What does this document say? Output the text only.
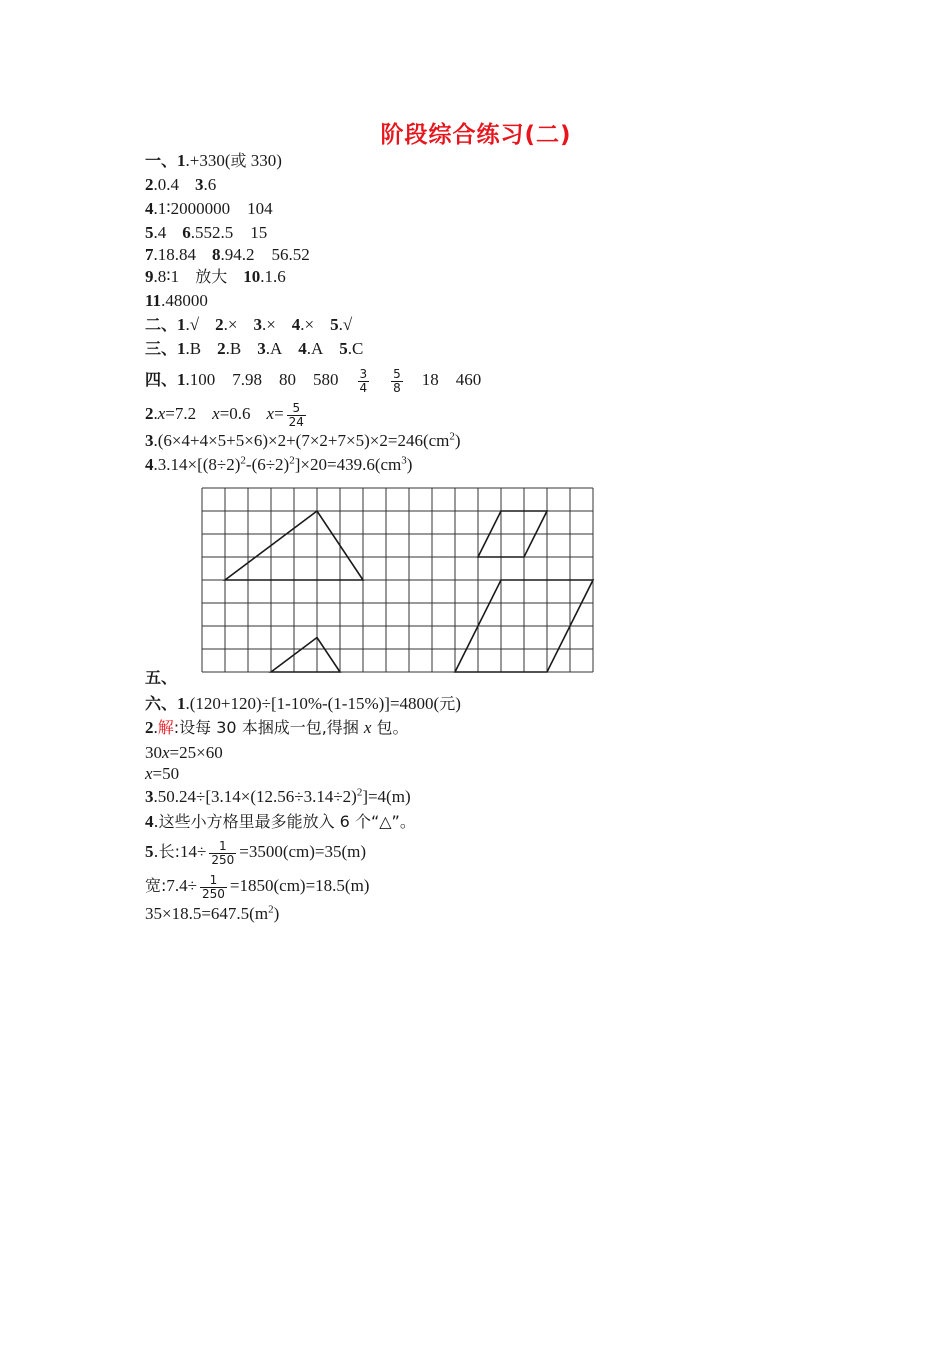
阶段综合练习(二)
一、1.+330(或 330)
2.0.4 3.6
4.1∶2000000    104
5.4 6.552.5    15
7.18.84 8.94.2    56.52
9.8∶1 放大 10.1.6
11.48000
二、1.√ 2.× 3.× 4.× 5.√
三、1.B 2.B 3.A 4.A 5.C
四、1.100    7.98    80    $580 \frac{3}{4} \frac{5}{8} 18$    460
2.x=7.2 x=0.6 $x= \frac{5}{24}$
$3.(6\times 4+4\times 5+5\times 6)\times 2+(7\times 2+7\times 5)\times 2=246(cm^2)$
$4.3.14\times[(8\div 2)^2-(6\div 2)^2]\times 20=439.6(cm^3)$
五、
六、1.(120+120)÷[1-10%-(1-15%)]=4800(元)
2.解:设每 30 本捆成一包,得捆 x 包。
30x=25×60
x=50
$3.50.24\div[3.14\times(12.56\div 3.14\div 2)^2]=4(m)$
4.这些小方格里最多能放入 6 个“△”。
5.长:14÷ $\frac{1}{250} =3500(cm)=35(m)$
宽:7.4÷ $\frac{1}{250} =1850(cm)=18.5(m)$
$35\times 18.5=647.5(m^2)$
